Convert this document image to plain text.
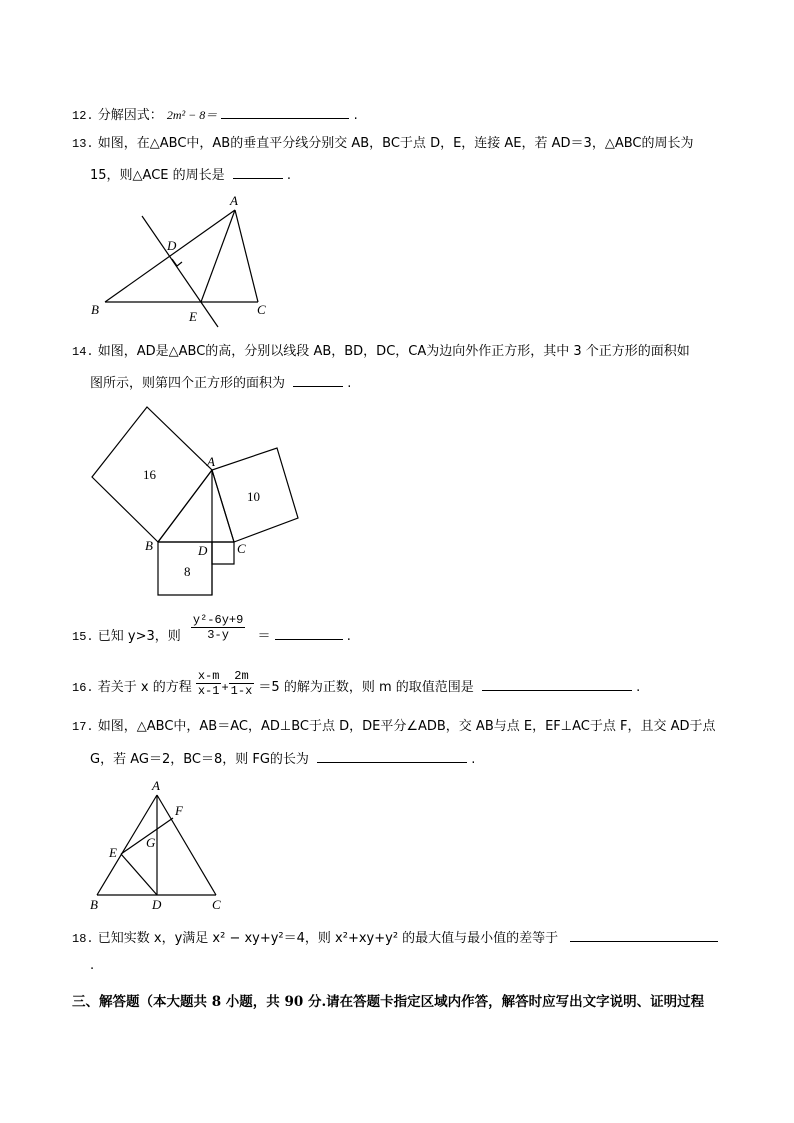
12. 分解因式： 2m² − 8＝	.
13. 如图，在△ABC中，AB的垂直平分线分别交 AB，BC于点 D，E，连接 AE，若 AD＝3，△ABC的周长为
15，则△ACE 的周长是	.
A
B	C
D
E
14. 如图，AD是△ABC的高，分别以线段 AB，BD，DC，CA为边向外作正方形，其中 3 个正方形的面积如
图所示，则第四个正方形的面积为	.
A
B	C
D
16
10
8
15. 已知 y>3，则 $\frac{\text{y²-6y+9}}{3-y}$ ＝	.
16. 若关于 x 的方程 $\frac{x-m}{x-1} + \frac{2m}{1-x} =5$ 的解为正数，则 m 的取值范围是	.
17. 如图，△ABC中，AB＝AC，AD⊥BC于点 D，DE平分∠ADB，交 AB与点 E，EF⊥AC于点 F，且交 AD于点
G，若 AG＝2，BC＝8，则 FG的长为	.
A
B	C
D
E
F
G
18. 已知实数 x，y满足 x² − xy+y²＝4，则 x²+xy+y² 的最大值与最小值的差等于
.
三、解答题（本大题共 8 小题，共 90 分.请在答题卡指定区域内作答，解答时应写出文字说明、证明过程
